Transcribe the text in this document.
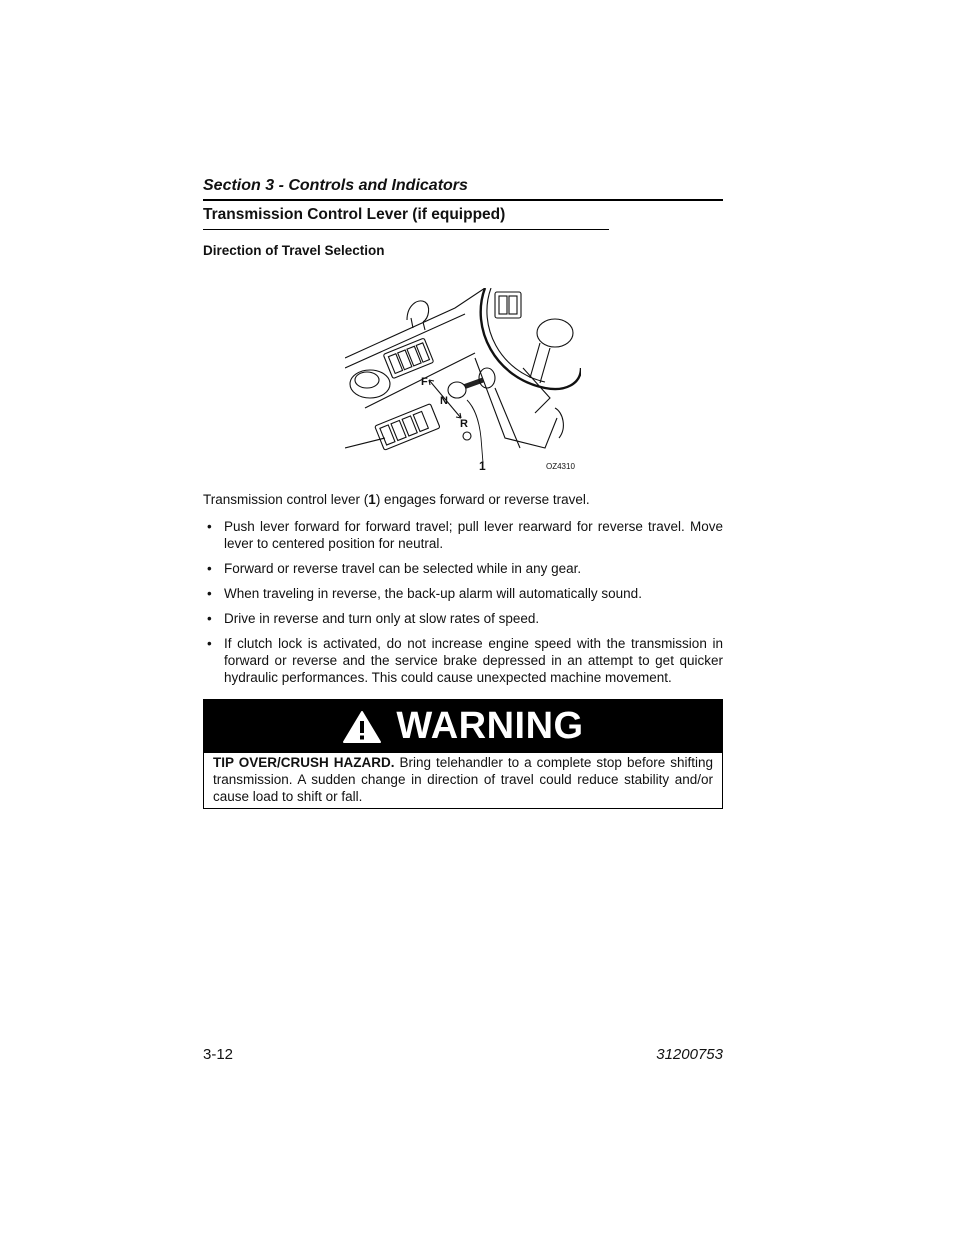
Section 3 - Controls and Indicators
Transmission Control Lever (if equipped)
Direction of Travel Selection
F
N
R
1	OZ4310
Transmission control lever (1) engages forward or reverse travel.
• Push lever forward for forward travel; pull lever rearward for reverse travel. Move lever to centered position for neutral.
• Forward or reverse travel can be selected while in any gear.
• When traveling in reverse, the back-up alarm will automatically sound.
• Drive in reverse and turn only at slow rates of speed.
• If clutch lock is activated, do not increase engine speed with the transmission in forward or reverse and the service brake depressed in an attempt to get quicker hydraulic performances. This could cause unexpected machine movement.
WARNING
TIP OVER/CRUSH HAZARD. Bring telehandler to a complete stop before shifting transmission. A sudden change in direction of travel could reduce stability and/or cause load to shift or fall.
3-12	31200753
